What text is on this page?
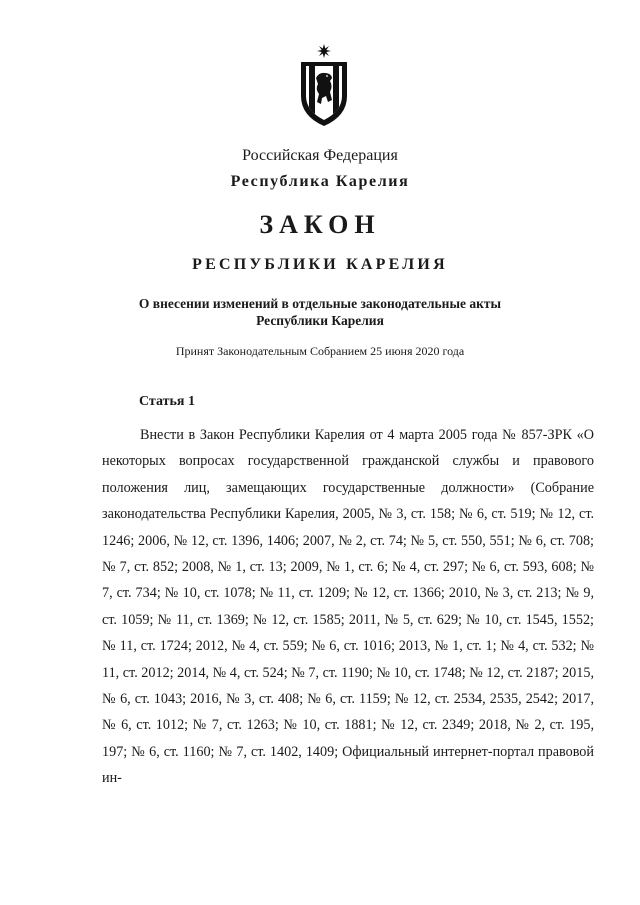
Российская Федерация
Республика Карелия
ЗАКОН
РЕСПУБЛИКИ КАРЕЛИЯ
О внесении изменений в отдельные законодательные акты
Республики Карелия
Принят Законодательным Собранием 25 июня 2020 года
Статья 1
Внести в Закон Республики Карелия от 4 марта 2005 года № 857-ЗРК «О некоторых вопросах государственной гражданской службы и правового положения лиц, замещающих государственные должности» (Собрание законодательства Республики Карелия, 2005, № 3, ст. 158; № 6, ст. 519; № 12, ст. 1246; 2006, № 12, ст. 1396, 1406; 2007, № 2, ст. 74; № 5, ст. 550, 551; № 6, ст. 708; № 7, ст. 852; 2008, № 1, ст. 13; 2009, № 1, ст. 6; № 4, ст. 297; № 6, ст. 593, 608; № 7, ст. 734; № 10, ст. 1078; № 11, ст. 1209; № 12, ст. 1366; 2010, № 3, ст. 213; № 9, ст. 1059; № 11, ст. 1369; № 12, ст. 1585; 2011, № 5, ст. 629; № 10, ст. 1545, 1552; № 11, ст. 1724; 2012, № 4, ст. 559; № 6, ст. 1016; 2013, № 1, ст. 1; № 4, ст. 532; № 11, ст. 2012; 2014, № 4, ст. 524; № 7, ст. 1190; № 10, ст. 1748; № 12, ст. 2187; 2015, № 6, ст. 1043; 2016, № 3, ст. 408; № 6, ст. 1159; № 12, ст. 2534, 2535, 2542; 2017, № 6, ст. 1012; № 7, ст. 1263; № 10, ст. 1881; № 12, ст. 2349; 2018, № 2, ст. 195, 197; № 6, ст. 1160; № 7, ст. 1402, 1409; Официальный интернет-портал правовой ин-
